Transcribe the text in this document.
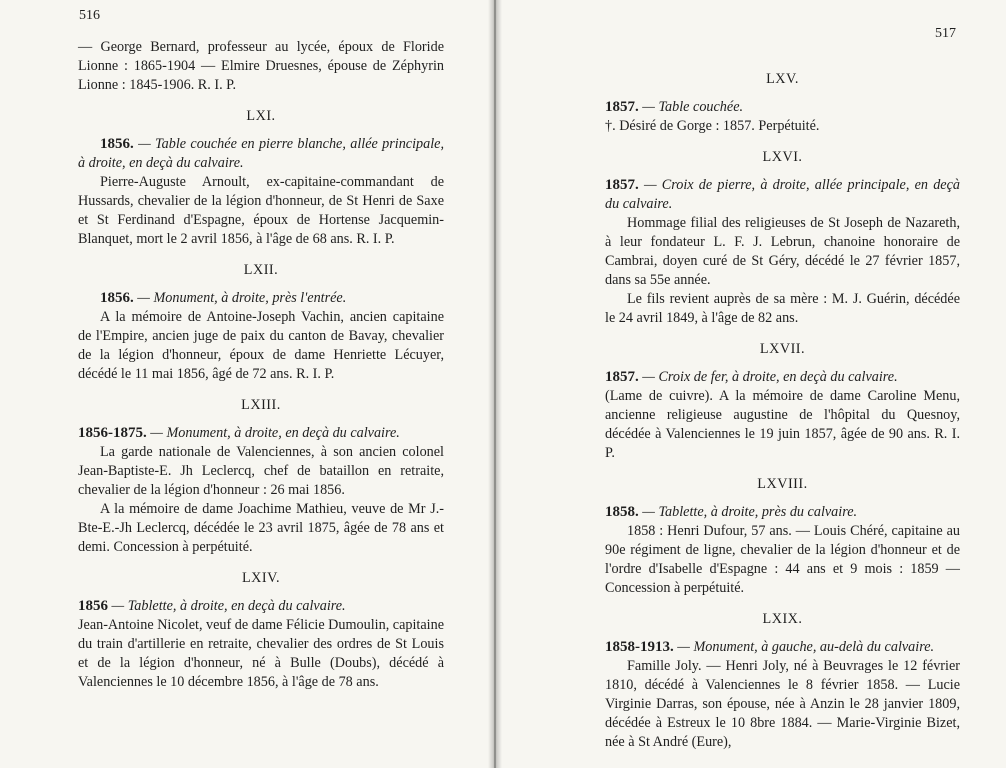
516

— George Bernard, professeur au lycée, époux de Floride Lionne : 1865-1904 — Elmire Druesnes, épouse de Zéphyrin Lionne : 1845-1906. R. I. P.

LXI.

1856. — Table couchée en pierre blanche, allée principale, à droite, en deçà du calvaire.

Pierre-Auguste Arnoult, ex-capitaine-commandant de Hussards, chevalier de la légion d'honneur, de St Henri de Saxe et St Ferdinand d'Espagne, époux de Hortense Jacquemin-Blanquet, mort le 2 avril 1856, à l'âge de 68 ans. R. I. P.

LXII.

1856. — Monument, à droite, près l'entrée.

A la mémoire de Antoine-Joseph Vachin, ancien capitaine de l'Empire, ancien juge de paix du canton de Bavay, chevalier de la légion d'honneur, époux de dame Henriette Lécuyer, décédé le 11 mai 1856, âgé de 72 ans. R. I. P.

LXIII.

1856-1875. — Monument, à droite, en deçà du calvaire.

La garde nationale de Valenciennes, à son ancien colonel Jean-Baptiste-E. Jh Leclercq, chef de bataillon en retraite, chevalier de la légion d'honneur : 26 mai 1856.

A la mémoire de dame Joachime Mathieu, veuve de Mr J.-Bte-E.-Jh Leclercq, décédée le 23 avril 1875, âgée de 78 ans et demi. Concession à perpétuité.

LXIV.

1856 — Tablette, à droite, en deçà du calvaire.

Jean-Antoine Nicolet, veuf de dame Félicie Dumoulin, capitaine du train d'artillerie en retraite, chevalier des ordres de St Louis et de la légion d'honneur, né à Bulle (Doubs), décédé à Valenciennes le 10 décembre 1856, à l'âge de 78 ans.

517
LXV.

1857. — Table couchée.

†. Désiré de Gorge : 1857. Perpétuité.

LXVI.

1857. — Croix de pierre, à droite, allée principale, en deçà du calvaire.

Hommage filial des religieuses de St Joseph de Nazareth, à leur fondateur L. F. J. Lebrun, chanoine honoraire de Cambrai, doyen curé de St Géry, décédé le 27 février 1857, dans sa 55e année.

Le fils revient auprès de sa mère : M. J. Guérin, décédée le 24 avril 1849, à l'âge de 82 ans.

LXVII.

1857. — Croix de fer, à droite, en deçà du calvaire.

(Lame de cuivre). A la mémoire de dame Caroline Menu, ancienne religieuse augustine de l'hôpital du Quesnoy, décédée à Valenciennes le 19 juin 1857, âgée de 90 ans. R. I. P.

LXVIII.

1858. — Tablette, à droite, près du calvaire.

1858 : Henri Dufour, 57 ans. — Louis Chéré, capitaine au 90e régiment de ligne, chevalier de la légion d'honneur et de l'ordre d'Isabelle d'Espagne : 44 ans et 9 mois : 1859 — Concession à perpétuité.

LXIX.

1858-1913. — Monument, à gauche, au-delà du calvaire.

Famille Joly. — Henri Joly, né à Beuvrages le 12 février 1810, décédé à Valenciennes le 8 février 1858. — Lucie Virginie Darras, son épouse, née à Anzin le 28 janvier 1809, décédée à Estreux le 10 8bre 1884. — Marie-Virginie Bizet, née à St André (Eure),
